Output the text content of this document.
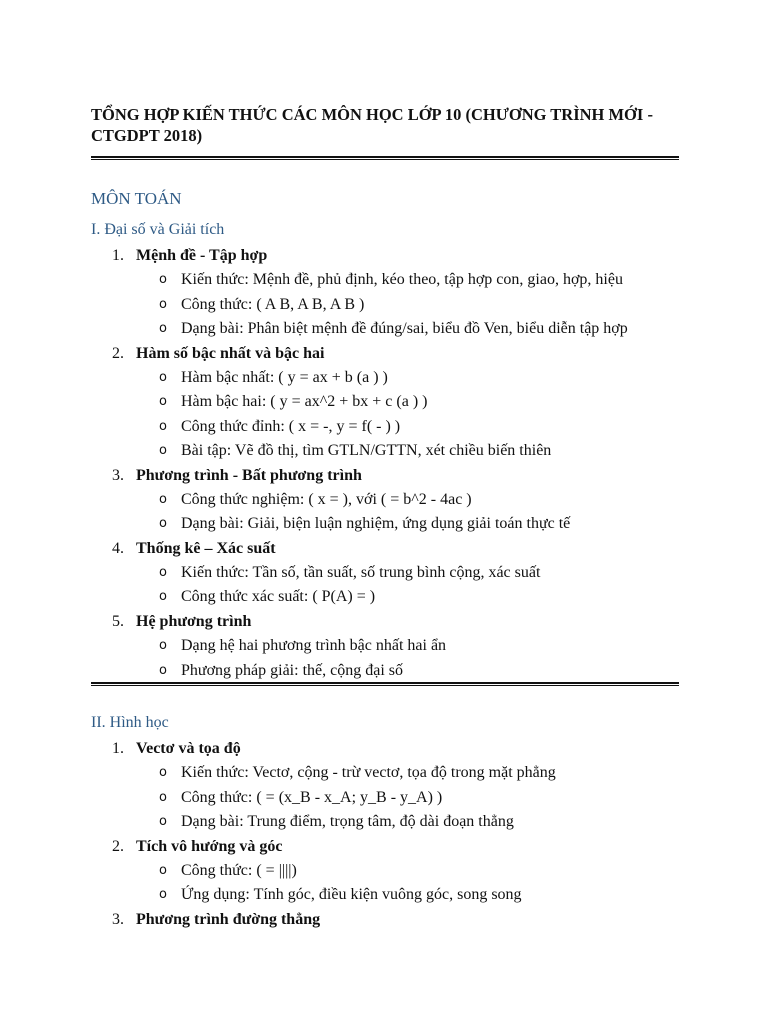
TỔNG HỢP KIẾN THỨC CÁC MÔN HỌC LỚP 10 (CHƯƠNG TRÌNH MỚI - CTGDPT 2018)
MÔN TOÁN
I. Đại số và Giải tích
1. Mệnh đề - Tập hợp
o Kiến thức: Mệnh đề, phủ định, kéo theo, tập hợp con, giao, hợp, hiệu
o Công thức: ( A B, A B, A B )
o Dạng bài: Phân biệt mệnh đề đúng/sai, biểu đồ Ven, biểu diễn tập hợp
2. Hàm số bậc nhất và bậc hai
o Hàm bậc nhất: ( y = ax + b (a ) )
o Hàm bậc hai: ( y = ax^2 + bx + c (a ) )
o Công thức đỉnh: ( x = -, y = f( - ) )
o Bài tập: Vẽ đồ thị, tìm GTLN/GTTN, xét chiều biến thiên
3. Phương trình - Bất phương trình
o Công thức nghiệm: ( x = ), với ( = b^2 - 4ac )
o Dạng bài: Giải, biện luận nghiệm, ứng dụng giải toán thực tế
4. Thống kê – Xác suất
o Kiến thức: Tần số, tần suất, số trung bình cộng, xác suất
o Công thức xác suất: ( P(A) = )
5. Hệ phương trình
o Dạng hệ hai phương trình bậc nhất hai ẩn
o Phương pháp giải: thế, cộng đại số
II. Hình học
1. Vectơ và tọa độ
o Kiến thức: Vectơ, cộng - trừ vectơ, tọa độ trong mặt phẳng
o Công thức: ( = (x_B - x_A; y_B - y_A) )
o Dạng bài: Trung điểm, trọng tâm, độ dài đoạn thẳng
2. Tích vô hướng và góc
o Công thức: ( = ||||)
o Ứng dụng: Tính góc, điều kiện vuông góc, song song
3. Phương trình đường thẳng
